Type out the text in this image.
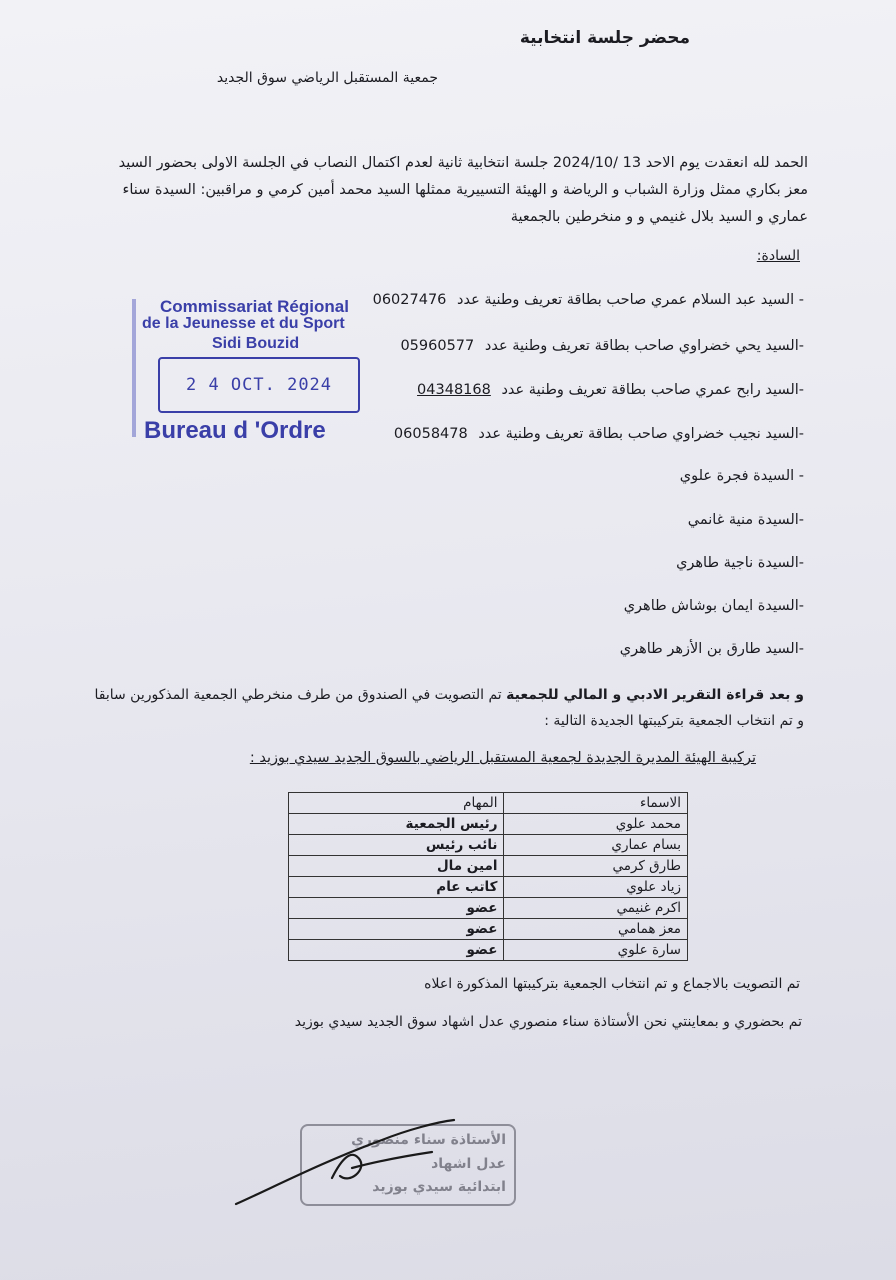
محضر جلسة انتخابية
جمعية المستقبل الرياضي سوق الجديد

الحمد لله انعقدت يوم الاحد 13 /2024/10 جلسة انتخابية ثانية لعدم اكتمال النصاب في الجلسة الاولى بحضور السيد

معز بكاري ممثل وزارة الشباب و الرياضة و الهيئة التسييرية ممثلها السيد محمد أمين كرمي و مراقبين: السيدة سناء

عماري و السيد بلال غنيمي و و منخرطين بالجمعية

السادة:
- السيد عبد السلام عمري صاحب بطاقة تعريف وطنية عدد 06027476
-السيد يحي خضراوي صاحب بطاقة تعريف وطنية عدد 05960577
-السيد رابح عمري صاحب بطاقة تعريف وطنية عدد 04348168
-السيد نجيب خضراوي صاحب بطاقة تعريف وطنية عدد 06058478
- السيدة فجرة علوي
-السيدة منية غانمي
-السيدة ناجية طاهري
-السيدة ايمان بوشاش طاهري
-السيد طارق بن الأزهر طاهري
و بعد قراءة التقرير الادبي و المالي للجمعية تم التصويت في الصندوق من طرف منخرطي الجمعية المذكورين سابقا
و تم انتخاب الجمعية بتركيبتها الجديدة التالية :
تركيبة الهيئة المديرة الجديدة لجمعية المستقبل الرياضي بالسوق الجديد سيدي بوزيد :
الاسماء	المهام
محمد علوي	رئيس الجمعية
بسام عماري	نائب رئيس
طارق كرمي	امين مال
زياد علوي	كاتب عام
اكرم غنيمي	عضو
معز همامي	عضو
سارة علوي	عضو
تم التصويت بالاجماع و تم انتخاب الجمعية بتركيبتها المذكورة اعلاه
تم بحضوري و بمعاينتي نحن الأستاذة سناء منصوري عدل اشهاد سوق الجديد سيدي بوزيد
Commissariat Régional
de la Jeunesse et du Sport
Sidi Bouzid
2 4 OCT. 2024
Bureau d 'Ordre
الأستاذة سناء منصوري
عدل اشهاد
ابتدائية سيدي بوزيد
